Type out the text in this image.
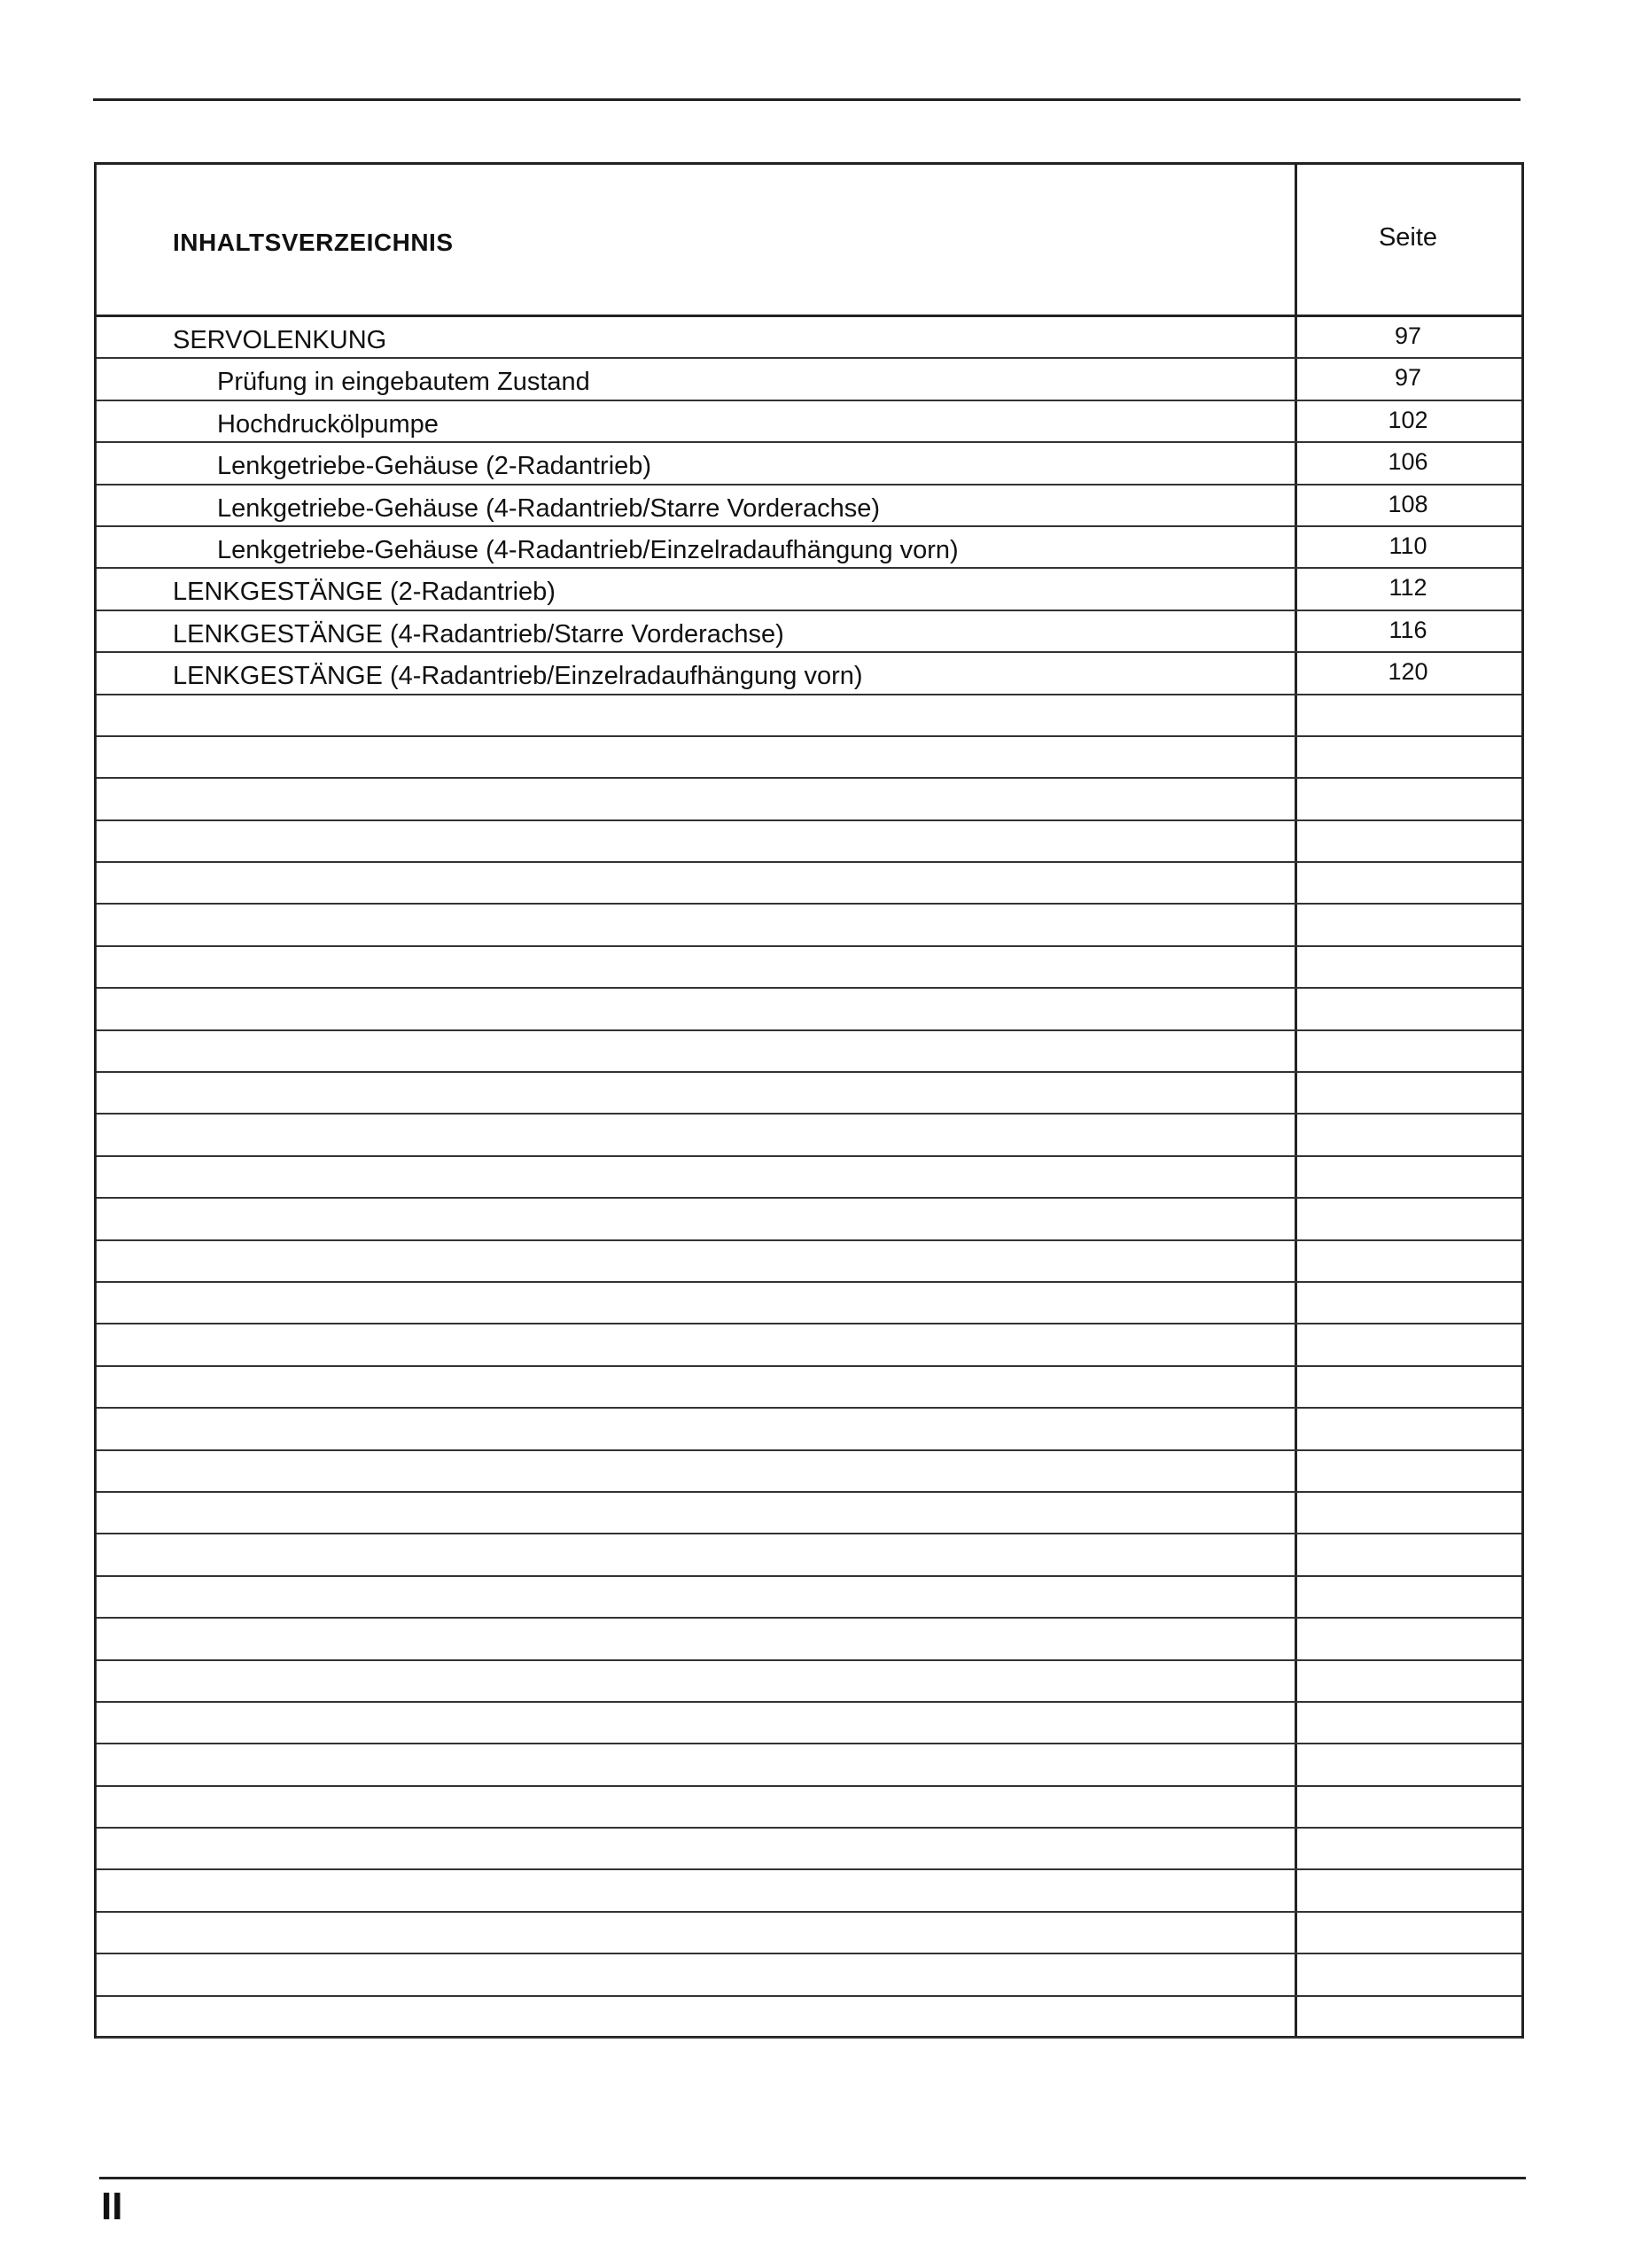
INHALTSVERZEICHNIS	Seite
SERVOLENKUNG	97
Prüfung in eingebautem Zustand	97
Hochdruckölpumpe	102
Lenkgetriebe-Gehäuse (2-Radantrieb)	106
Lenkgetriebe-Gehäuse (4-Radantrieb/Starre Vorderachse)	108
Lenkgetriebe-Gehäuse (4-Radantrieb/Einzelradaufhängung vorn)	110
LENKGESTÄNGE (2-Radantrieb)	112
LENKGESTÄNGE (4-Radantrieb/Starre Vorderachse)	116
LENKGESTÄNGE (4-Radantrieb/Einzelradaufhängung vorn)	120
II
